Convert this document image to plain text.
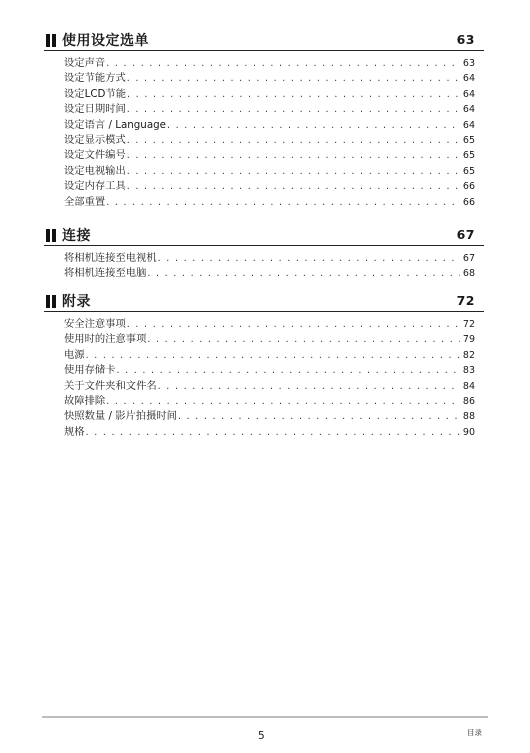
使用设定选单	63
设定声音 . . .	63
设定节能方式 . . .	64
设定LCD节能 . . .	64
设定日期时间 . . .	64
设定语言 / Language . . .	64
设定显示模式 . . .	65
设定文件编号 . . .	65
设定电视输出 . . .	65
设定内存工具 . . .	66
全部重置 . . .	66
连接	67
将相机连接至电视机 . . .	67
将相机连接至电脑 . . .	68
附录	72
安全注意事项 . . .	72
使用时的注意事项 . . .	79
电源 . . .	82
使用存储卡 . . .	83
关于文件夹和文件名 . . .	84
故障排除 . . .	86
快照数量 / 影片拍摄时间 . . .	88
规格 . . .	90
5	目录
